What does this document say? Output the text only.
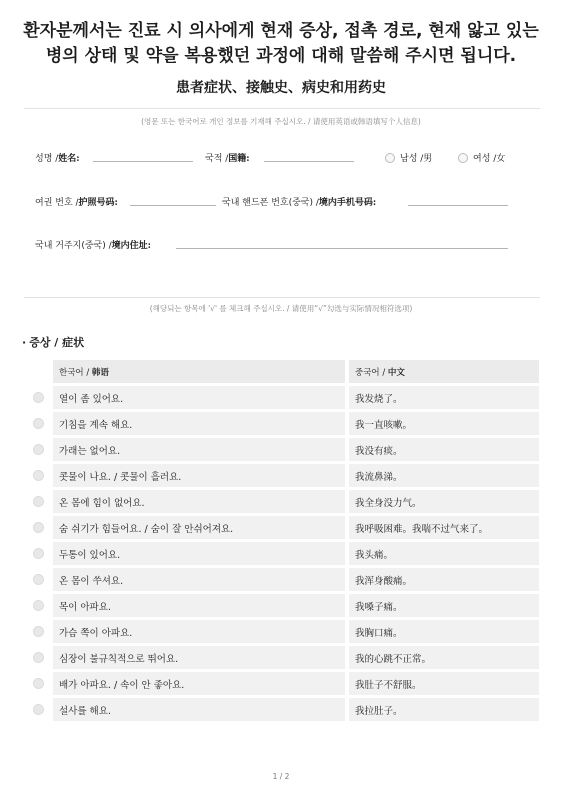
환자분께서는 진료 시 의사에게 현재 증상, 접촉 경로, 현재 앓고 있는
병의 상태 및 약을 복용했던 과정에 대해 말씀해 주시면 됩니다.
患者症状、接触史、病史和用药史
(영문 또는 한국어로 개인 정보를 기재해 주십시오. / 请使用英语或韩语填写个人信息)
성명 /姓名:	국적 /国籍:	남성 /男	여성 /女
여권 번호 /护照号码:	국내 핸드폰 번호(중국) /境内手机号码:
국내 거주지(중국) /境内住址:
(해당되는 항목에 '√' 를 체크해 주십시오. / 请使用“√”勾选与实际情况相符选项)
· 증상 / 症状
	한국어 / 韩语	중국어 / 中文
	열이 좀 있어요.	我发烧了。
	기침을 계속 해요.	我一直咳嗽。
	가래는 없어요.	我没有痰。
	콧물이 나요. / 콧물이 흘러요.	我流鼻涕。
	온 몸에 힘이 없어요.	我全身没力气。
	숨 쉬기가 힘들어요. / 숨이 잘 안쉬어져요.	我呼吸困难。我喘不过气来了。
	두통이 있어요.	我头痛。
	온 몸이 쑤셔요.	我浑身酸痛。
	목이 아파요.	我嗓子痛。
	가슴 쪽이 아파요.	我胸口痛。
	심장이 불규칙적으로 뛰어요.	我的心跳不正常。
	배가 아파요. / 속이 안 좋아요.	我肚子不舒服。
	설사를 해요.	我拉肚子。
1 / 2
